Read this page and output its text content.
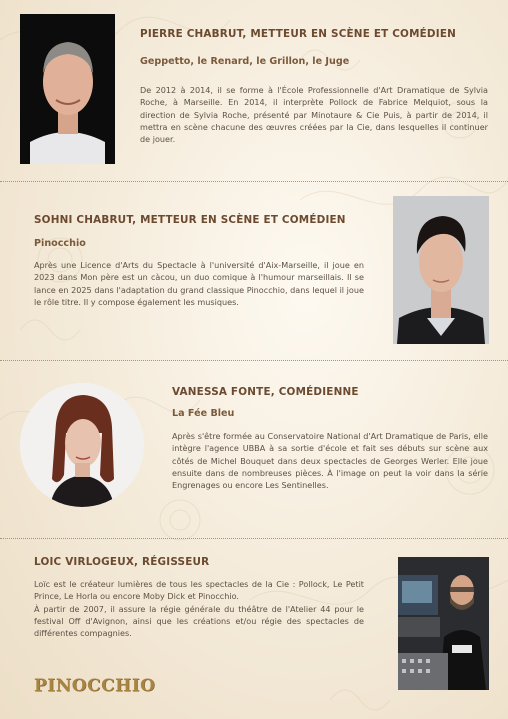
PIERRE CHABRUT, METTEUR EN SCÈNE ET COMÉDIEN
Geppetto, le Renard, le Grillon, le Juge

De 2012 à 2014, il se forme à l'École Professionnelle d'Art Dramatique de Sylvia Roche, à Marseille. En 2014, il interprète Pollock de Fabrice Melquiot, sous la direction de Sylvia Roche, présenté par Minotaure & Cie Puis, à partir de 2014, il mettra en scène chacune des œuvres créées par la Cie, dans lesquelles il continuer de jouer.

SOHNI CHABRUT, METTEUR EN SCÈNE ET COMÉDIEN
Pinocchio

Après une Licence d'Arts du Spectacle à l'université d'Aix-Marseille, il joue en 2023 dans Mon père est un càcou, un duo comique à l'humour marseillais. Il se lance en 2025 dans l'adaptation du grand classique Pinocchio, dans lequel il joue le rôle titre. Il y compose également les musiques.

VANESSA FONTE, COMÉDIENNE
La Fée Bleu

Après s'être formée au Conservatoire National d'Art Dramatique de Paris, elle intègre l'agence UBBA à sa sortie d'école et fait ses débuts sur scène aux côtés de Michel Bouquet dans deux spectacles de Georges Werler. Elle joue ensuite dans de nombreuses pièces. À l'image on peut la voir dans la série Engrenages ou encore Les Sentinelles.

LOIC VIRLOGEUX, RÉGISSEUR

Loïc est le créateur lumières de tous les spectacles de la Cie : Pollock, Le Petit Prince, Le Horla ou encore Moby Dick et Pinocchio.

À partir de 2007, il assure la régie générale du théâtre de l'Atelier 44 pour le festival Off d'Avignon, ainsi que les créations et/ou régie des spectacles de différentes compagnies.

PINOCCHIO
